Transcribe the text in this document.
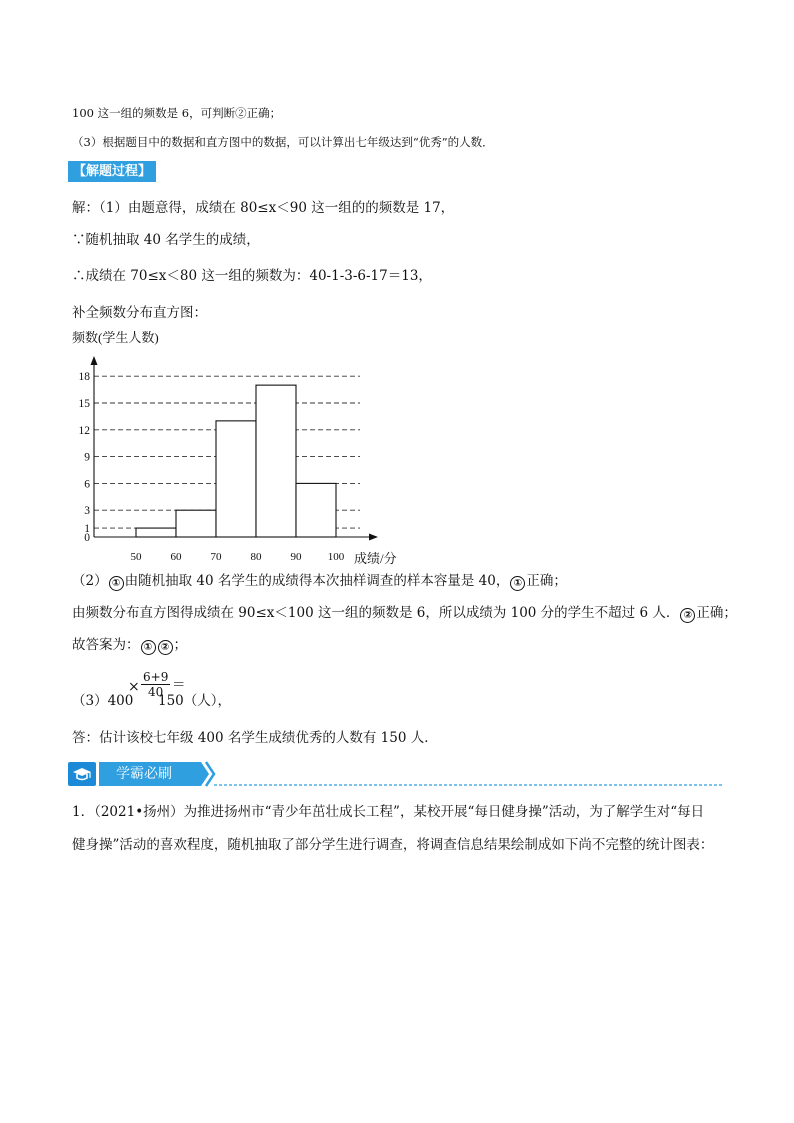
100 这一组的频数是 6，可判断②正确；
（3）根据题目中的数据和直方图中的数据，可以计算出七年级达到“优秀”的人数．
【解题过程】
解：（1）由题意得，成绩在 80≤x＜90 这一组的的频数是 17，
∵随机抽取 40 名学生的成绩，
∴成绩在 70≤x＜80 这一组的频数为：40-1-3-6-17＝13，
补全频数分布直方图：
0
1
3
6
9
12
15
18
50	60	70	80	90 100
频数(学生人数)
成绩/分
（2） ① 由随机抽取 40 名学生的成绩得本次抽样调查的样本容量是 40， ① 正确；
由频数分布直方图得成绩在 90≤x＜100 这一组的频数是 6，所以成绩为 100 分的学生不超过 6 人． ② 正确；
故答案为： ① ② ；
（3）400
× $\frac{6+9}{40}$ ＝
150（人），
答：估计该校七年级 400 名学生成绩优秀的人数有 150 人．
学霸必刷
1．（2021•扬州）为推进扬州市“青少年茁壮成长工程”，某校开展“每日健身操”活动，为了解学生对“每日
健身操”活动的喜欢程度，随机抽取了部分学生进行调查，将调查信息结果绘制成如下尚不完整的统计图表：
